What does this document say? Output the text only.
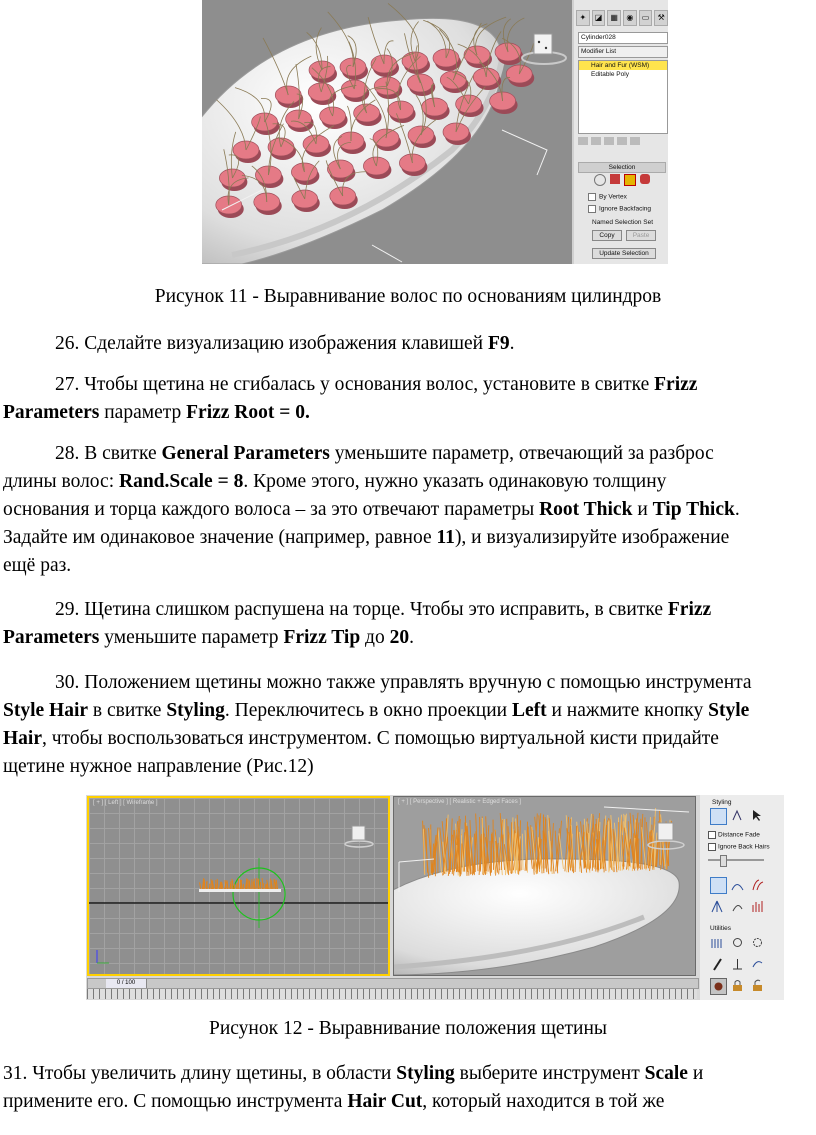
✦	◪	▦	◉	▭	⚒
Cylinder028
Modifier List
Hair and Fur (WSM)
Editable Poly
Selection
By Vertex
Ignore Backfacing
Named Selection Set
Copy	Paste
Update Selection
Рисунок 11 - Выравнивание волос по основаниям цилиндров
26. Сделайте визуализацию изображения клавишей F9.
27. Чтобы щетина не сгибалась у основания волос, установите в свитке Frizz
Parameters параметр Frizz Root = 0.
28. В свитке General Parameters уменьшите параметр, отвечающий за разброс
длины волос: Rand.Scale = 8. Кроме этого, нужно указать одинаковую толщину
основания и торца каждого волоса – за это отвечают параметры Root Thick и Tip Thick.
Задайте им одинаковое значение (например, равное 11), и визуализируйте изображение
ещё раз.
29. Щетина слишком распушена на торце. Чтобы это исправить, в свитке Frizz
Parameters уменьшите параметр Frizz Tip до 20.
30. Положением щетины можно также управлять вручную с помощью инструмента
Style Hair в свитке Styling. Переключитесь в окно проекции Left и нажмите кнопку Style
Hair, чтобы воспользоваться инструментом. С помощью виртуальной кисти придайте
щетине нужное направление (Рис.12)
[ + ] [ Left ] [ Wireframe ]	[ + ] [ Perspective ] [ Realistic + Edged Faces ]
0 / 100
Styling
Distance Fade
Ignore Back Hairs
Utilities
Рисунок 12 - Выравнивание положения щетины
31. Чтобы увеличить длину щетины, в области Styling выберите инструмент Scale и
примените его. С помощью инструмента Hair Cut, который находится в той же
